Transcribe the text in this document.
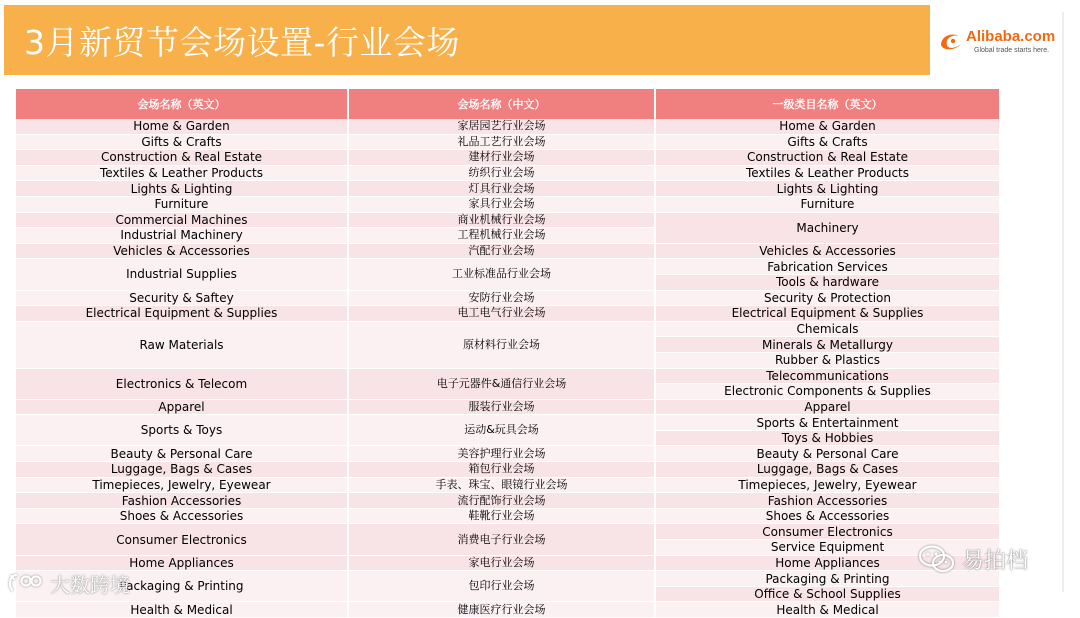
3月新贸节会场设置-行业会场	Alibaba.com
Global trade starts here.
会场名称（英文）	会场名称（中文）	一级类目名称（英文）
Home & Garden	家居园艺行业会场	Home & Garden
Gifts & Crafts	礼品工艺行业会场	Gifts & Crafts
Construction & Real Estate	建材行业会场	Construction & Real Estate
Textiles & Leather Products	纺织行业会场	Textiles & Leather Products
Lights & Lighting	灯具行业会场	Lights & Lighting
Furniture	家具行业会场	Furniture
Commercial Machines	商业机械行业会场	Machinery
Industrial Machinery	工程机械行业会场	
Vehicles & Accessories	汽配行业会场	Vehicles & Accessories
Industrial Supplies	工业标准品行业会场	Fabrication Services
		Tools & hardware
Security & Saftey	安防行业会场	Security & Protection
Electrical Equipment & Supplies	电工电气行业会场	Electrical Equipment & Supplies
Raw Materials	原材料行业会场	Chemicals
		Minerals & Metallurgy
		Rubber & Plastics
Electronics & Telecom	电子元器件&通信行业会场	Telecommunications
		Electronic Components & Supplies
Apparel	服装行业会场	Apparel
Sports & Toys	运动&玩具会场	Sports & Entertainment
		Toys & Hobbies
Beauty & Personal Care	美容护理行业会场	Beauty & Personal Care
Luggage, Bags & Cases	箱包行业会场	Luggage, Bags & Cases
Timepieces, Jewelry, Eyewear	手表、珠宝、眼镜行业会场	Timepieces, Jewelry, Eyewear
Fashion Accessories	流行配饰行业会场	Fashion Accessories
Shoes & Accessories	鞋靴行业会场	Shoes & Accessories
Consumer Electronics	消费电子行业会场	Consumer Electronics
		Service Equipment
Home Appliances	家电行业会场	Home Appliances
Packaging & Printing	包印行业会场	Packaging & Printing
		Office & School Supplies
Health & Medical	健康医疗行业会场	Health & Medical
大数跨境
易拍档
